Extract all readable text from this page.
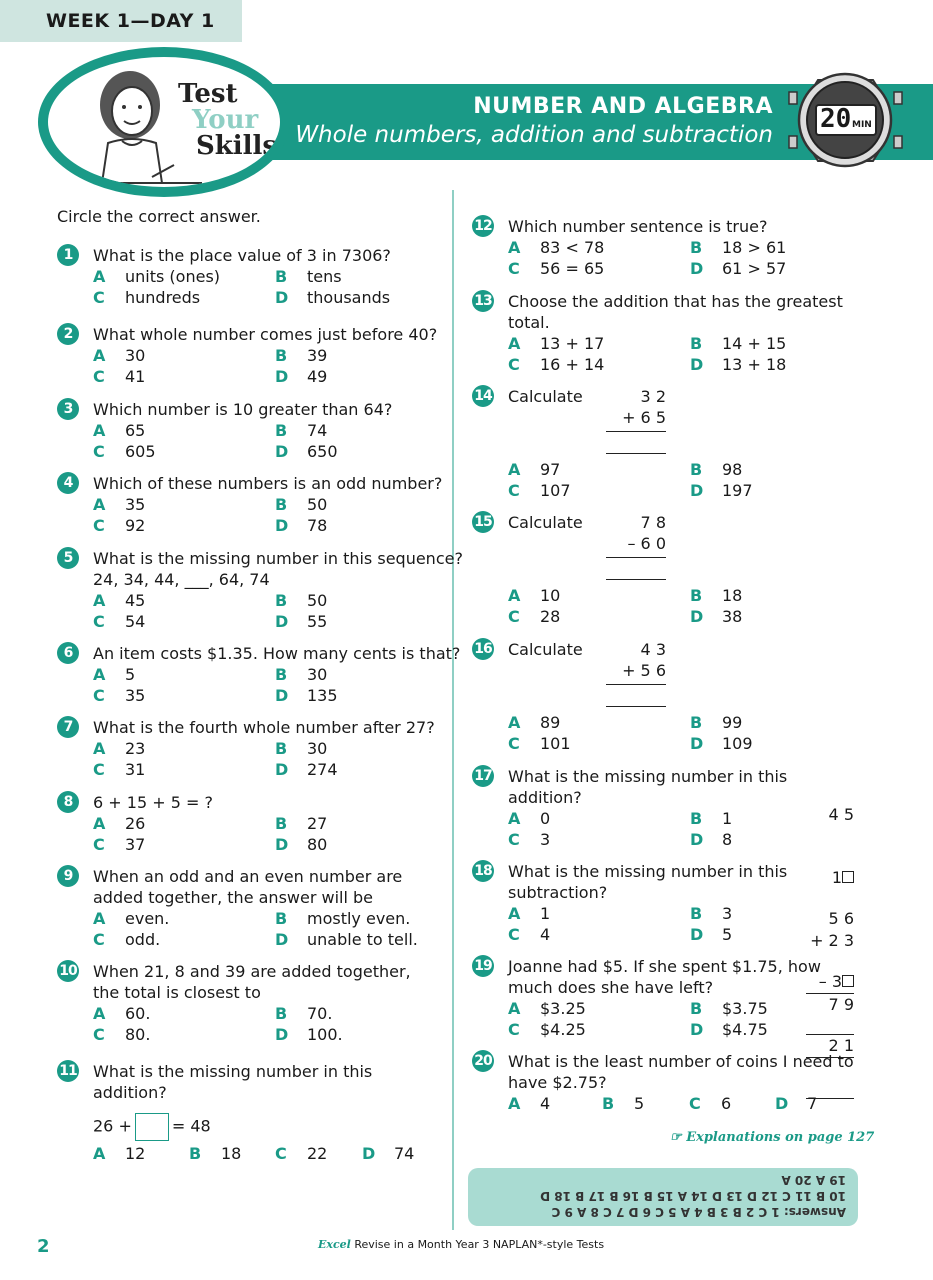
WEEK 1—DAY 1
NUMBER AND ALGEBRA
Whole numbers, addition and subtraction
Test
Your
Skills
20 MIN
Circle the correct answer.
1	What is the place value of 3 in 7306?
A units (ones)	B tens
C hundreds	D thousands
2	What whole number comes just before 40?
A 30	B 39
C 41	D 49
3	Which number is 10 greater than 64?
A 65	B 74
C 605	D 650
4	Which of these numbers is an odd number?
A 35	B 50
C 92	D 78
5	What is the missing number in this sequence?
24, 34, 44, ___, 64, 74
A 45	B 50
C 54	D 55
6	An item costs $1.35. How many cents is that?
A 5	B 30
C 35	D 135
7	What is the fourth whole number after 27?
A 23	B 30
C 31	D 274
8	6 + 15 + 5 = ?
A 26	B 27
C 37	D 80
9	When an odd and an even number are
added together, the answer will be
A even.	B mostly even.
C odd.	D unable to tell.
10 When 21, 8 and 39 are added together,
the total is closest to
A 60.	B 70.
C 80.	D 100.
11 What is the missing number in this
addition?
26 +	= 48
A 12	B 18 C 22 D 74
12 Which number sentence is true?
A 83 < 78	B 18 > 61
C 56 = 65	D 61 > 57
13 Choose the addition that has the greatest
total.
A 13 + 17	B 14 + 15
C 16 + 14	D 13 + 18
14 Calculate	3 2
+ 6 5
A 97	B 98
C 107	D 197
15 Calculate	7 8
– 6 0
A 10	B 18
C 28	D 38
16 Calculate	4 3
+ 5 6
A 89	B 99
C 101	D 109
17 What is the missing number in this
addition?
A 0	B 1
C 3	D 8

4 5

1

+ 2 3

7 9

18 What is the missing number in this
subtraction?
A 1	B 3
C 4	D 5

5 6

– 3

2 1

19 Joanne had $5. If she spent $1.75, how
much does she have left?
A $3.25	B $3.75
C $4.25	D $4.75
20 What is the least number of coins I need to
have $2.75?
A 4	B 5	C 6	D 7
☞ Explanations on page 127
Answers: 1 C 2 B 3 B 4 A 5 C 6 D 7 C 8 A 9 C
10 B 11 C 12 D 13 D 14 A 15 B 16 B 17 B 18 D
19 A 20 A
2	Excel Revise in a Month Year 3 NAPLAN*-style Tests
